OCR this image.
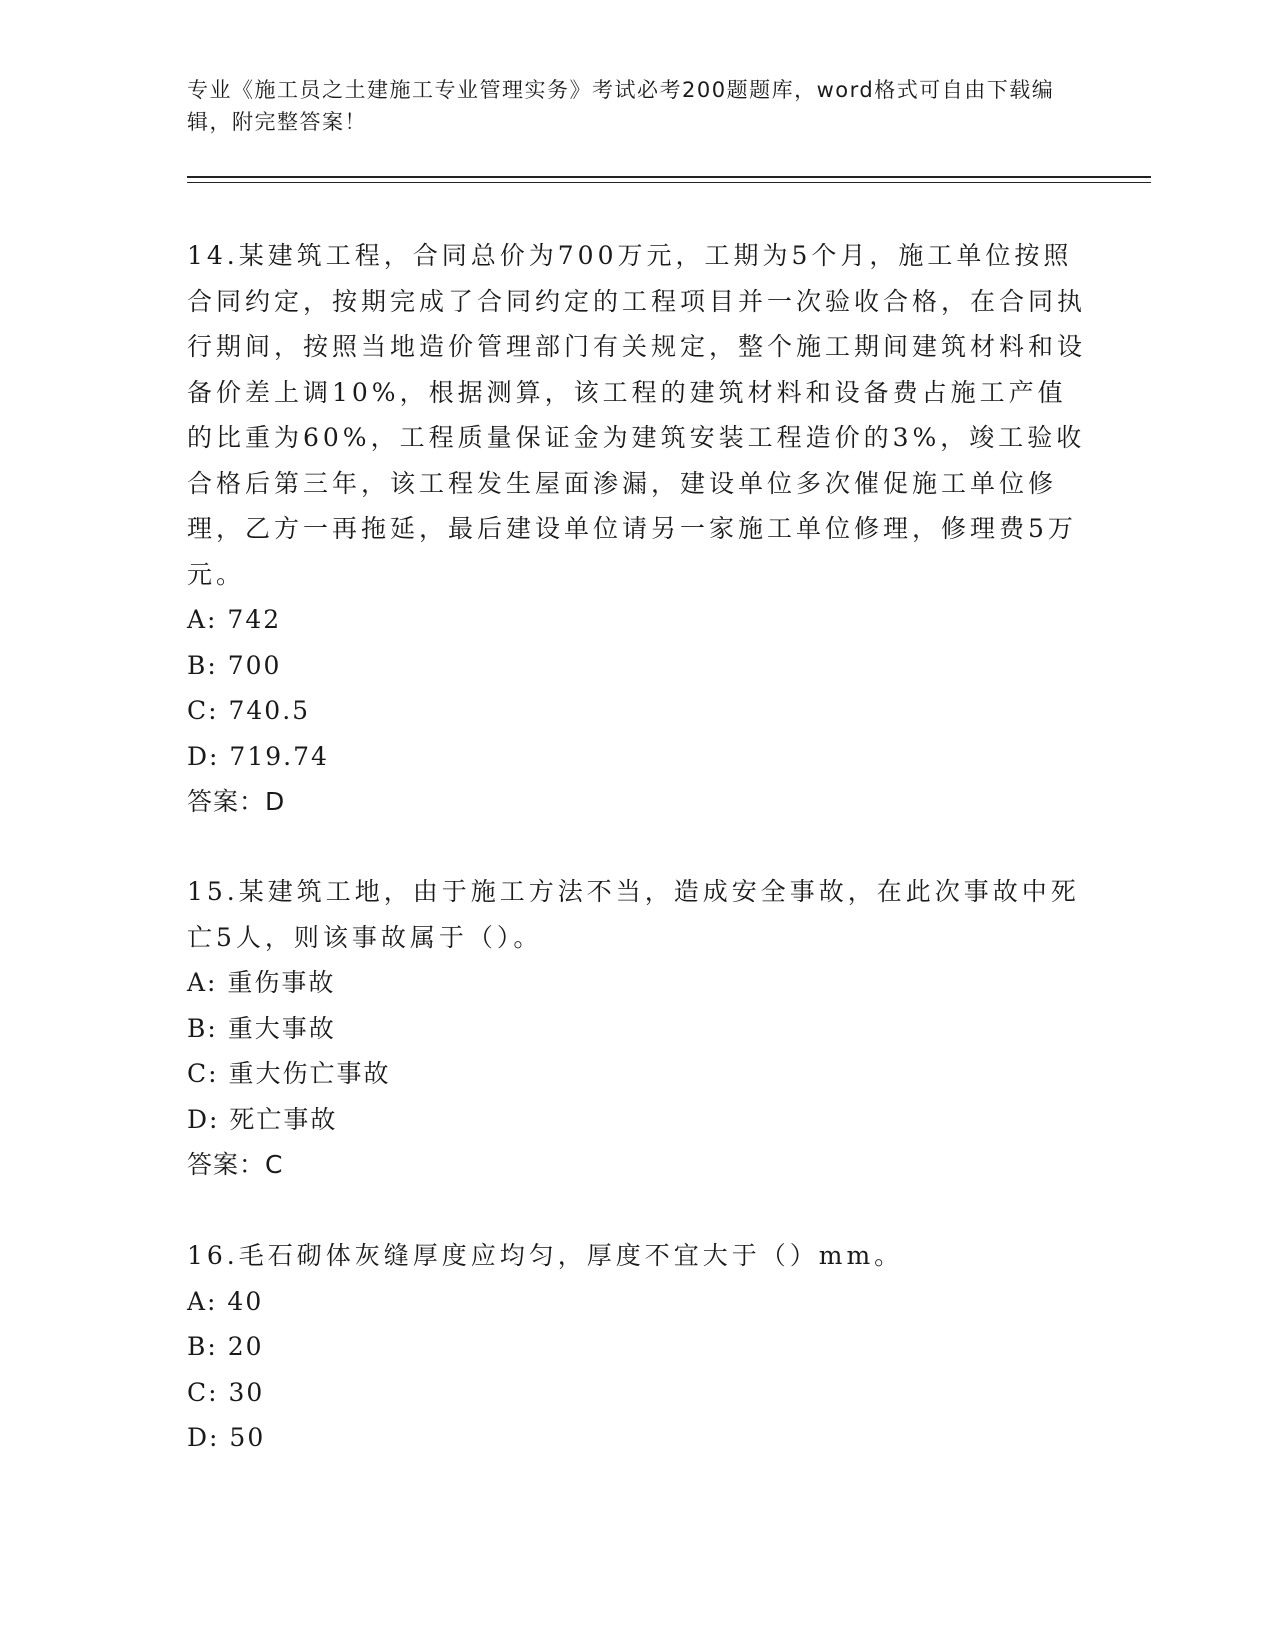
专业《施工员之土建施工专业管理实务》考试必考200题题库，word格式可自由下载编辑，附完整答案！

14.某建筑工程，合同总价为700万元，工期为5个月，施工单位按照合同约定，按期完成了合同约定的工程项目并一次验收合格，在合同执行期间，按照当地造价管理部门有关规定，整个施工期间建筑材料和设备价差上调10%，根据测算，该工程的建筑材料和设备费占施工产值的比重为60%，工程质量保证金为建筑安装工程造价的3%，竣工验收合格后第三年，该工程发生屋面渗漏，建设单位多次催促施工单位修理，乙方一再拖延，最后建设单位请另一家施工单位修理，修理费5万元。

A: 742

B: 700

C: 740.5

D: 719.74

答案：D

15.某建筑工地，由于施工方法不当，造成安全事故，在此次事故中死亡5人，则该事故属于（）。

A: 重伤事故

B: 重大事故

C: 重大伤亡事故

D: 死亡事故

答案：C

16.毛石砌体灰缝厚度应均匀，厚度不宜大于（）mm。

A: 40

B: 20

C: 30

D: 50
